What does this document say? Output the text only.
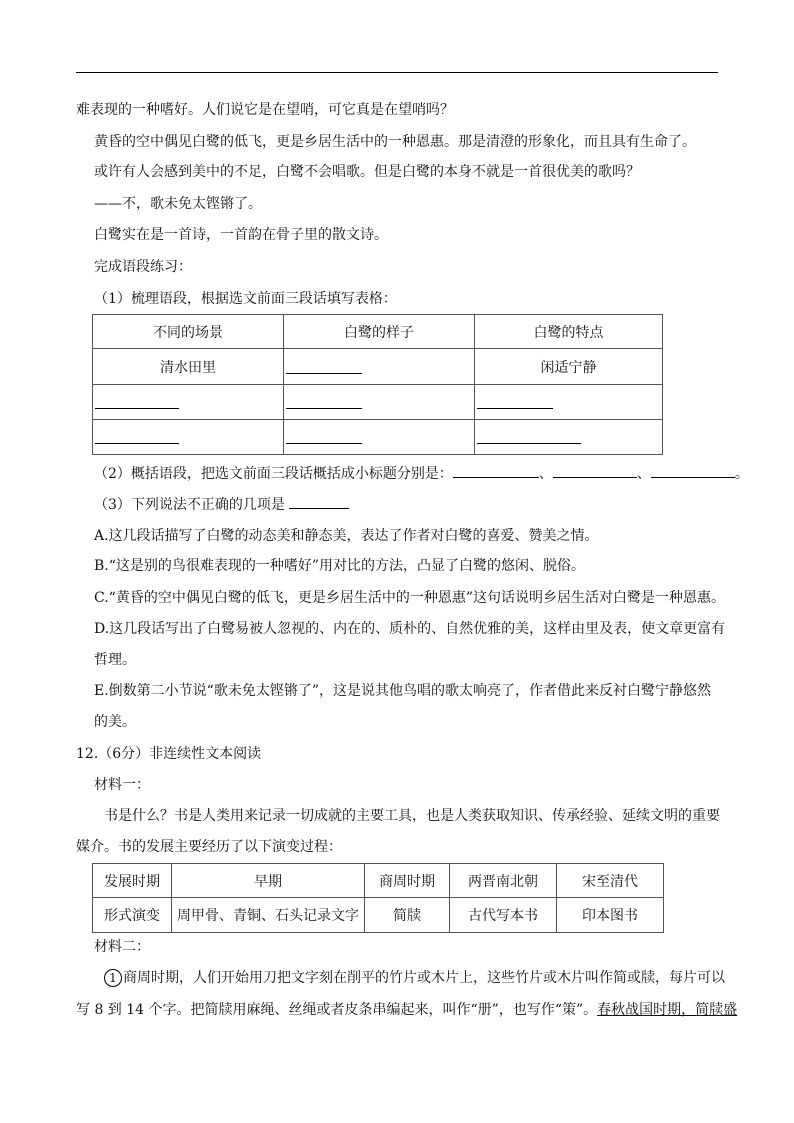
难表现的一种嗜好。人们说它是在望哨，可它真是在望哨吗？
黄昏的空中偶见白鹭的低飞，更是乡居生活中的一种恩惠。那是清澄的形象化，而且具有生命了。
或许有人会感到美中的不足，白鹭不会唱歌。但是白鹭的本身不就是一首很优美的歌吗？
——不，歌未免太铿锵了。
白鹭实在是一首诗，一首韵在骨子里的散文诗。
完成语段练习：
（1）梳理语段，根据选文前面三段话填写表格：
不同的场景	白鹭的样子	白鹭的特点
清水田里		闲适宁静

（2）概括语段，把选文前面三段话概括成小标题分别是：	、	、	。
（3）下列说法不正确的几项是
A.这几段话描写了白鹭的动态美和静态美，表达了作者对白鹭的喜爱、赞美之情。
B.“这是别的鸟很难表现的一种嗜好”用对比的方法，凸显了白鹭的悠闲、脱俗。
C.“黄昏的空中偶见白鹭的低飞，更是乡居生活中的一种恩惠”这句话说明乡居生活对白鹭是一种恩惠。
D.这几段话写出了白鹭易被人忽视的、内在的、质朴的、自然优雅的美，这样由里及表，使文章更富有
哲理。
E.倒数第二小节说“歌未免太铿锵了”，这是说其他鸟唱的歌太响亮了，作者借此来反衬白鹭宁静悠然
的美。
12.（6分）非连续性文本阅读
材料一：
书是什么？书是人类用来记录一切成就的主要工具，也是人类获取知识、传承经验、延续文明的重要
媒介。书的发展主要经历了以下演变过程：
发展时期	早期	商周时期	两晋南北朝	宋至清代
形式演变	周甲骨、青铜、石头记录文字	简牍	古代写本书	印本图书
材料二：
1 商周时期，人们开始用刀把文字刻在削平的竹片或木片上，这些竹片或木片叫作简或牍，每片可以
写 8 到 14 个字。把简牍用麻绳、丝绳或者皮条串编起来，叫作“册”，也写作“策”。春秋战国时期，简牍盛
